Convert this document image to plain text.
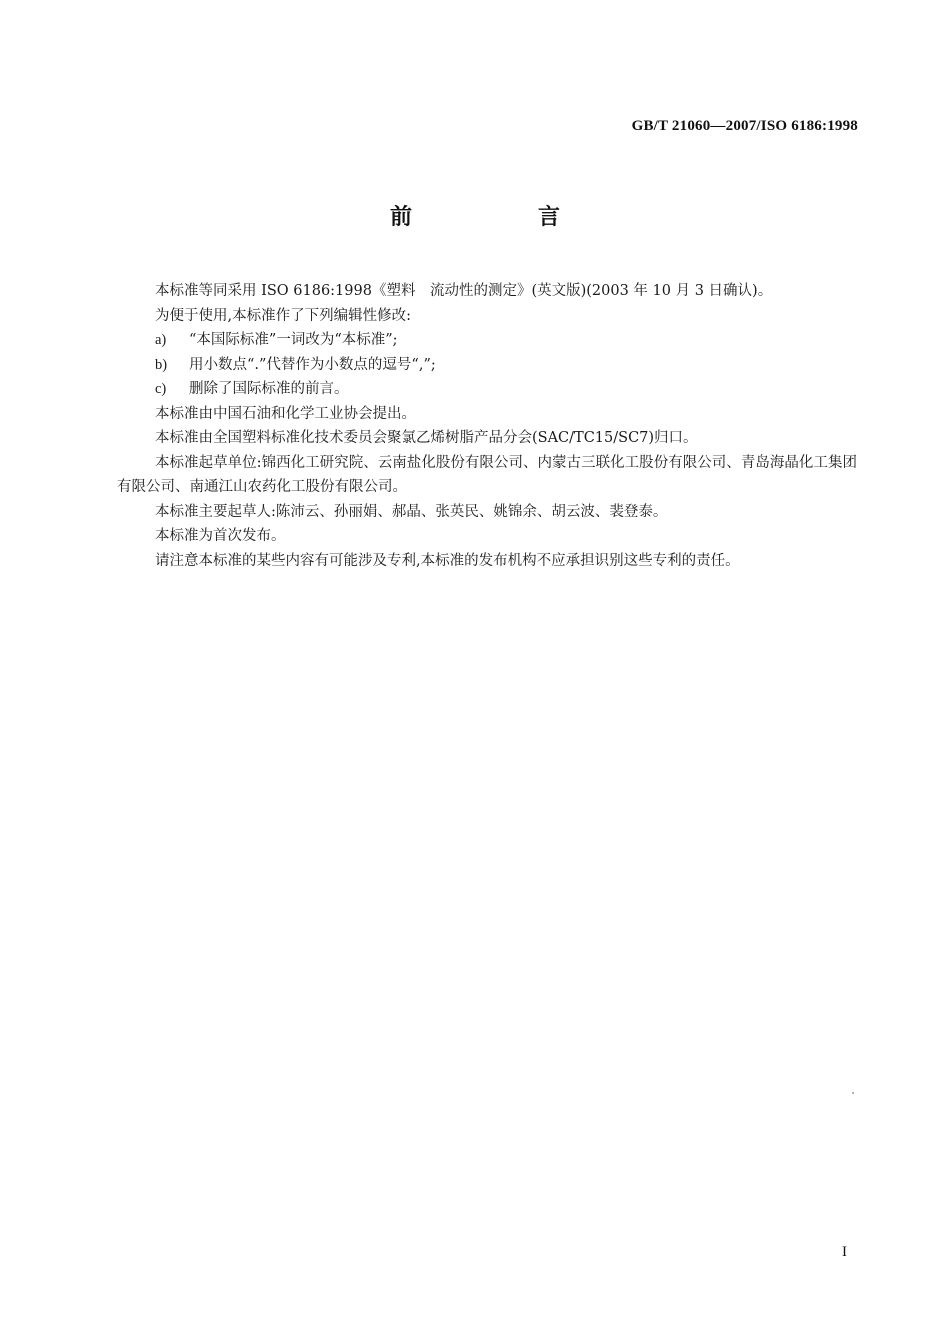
GB/T 21060—2007/ISO 6186:1998
前　言

本标准等同采用 ISO 6186:1998《塑料　流动性的测定》(英文版)(2003 年 10 月 3 日确认)。

为便于使用,本标准作了下列编辑性修改:

a) “本国际标准”一词改为“本标准”;

b) 用小数点“.”代替作为小数点的逗号“,”;

c) 删除了国际标准的前言。

本标准由中国石油和化学工业协会提出。

本标准由全国塑料标准化技术委员会聚氯乙烯树脂产品分会(SAC/TC15/SC7)归口。

本标准起草单位:锦西化工研究院、云南盐化股份有限公司、内蒙古三联化工股份有限公司、青岛海晶化工集团有限公司、南通江山农药化工股份有限公司。

本标准主要起草人:陈沛云、孙丽娟、郝晶、张英民、姚锦余、胡云波、裴登泰。

本标准为首次发布。

请注意本标准的某些内容有可能涉及专利,本标准的发布机构不应承担识别这些专利的责任。

I
